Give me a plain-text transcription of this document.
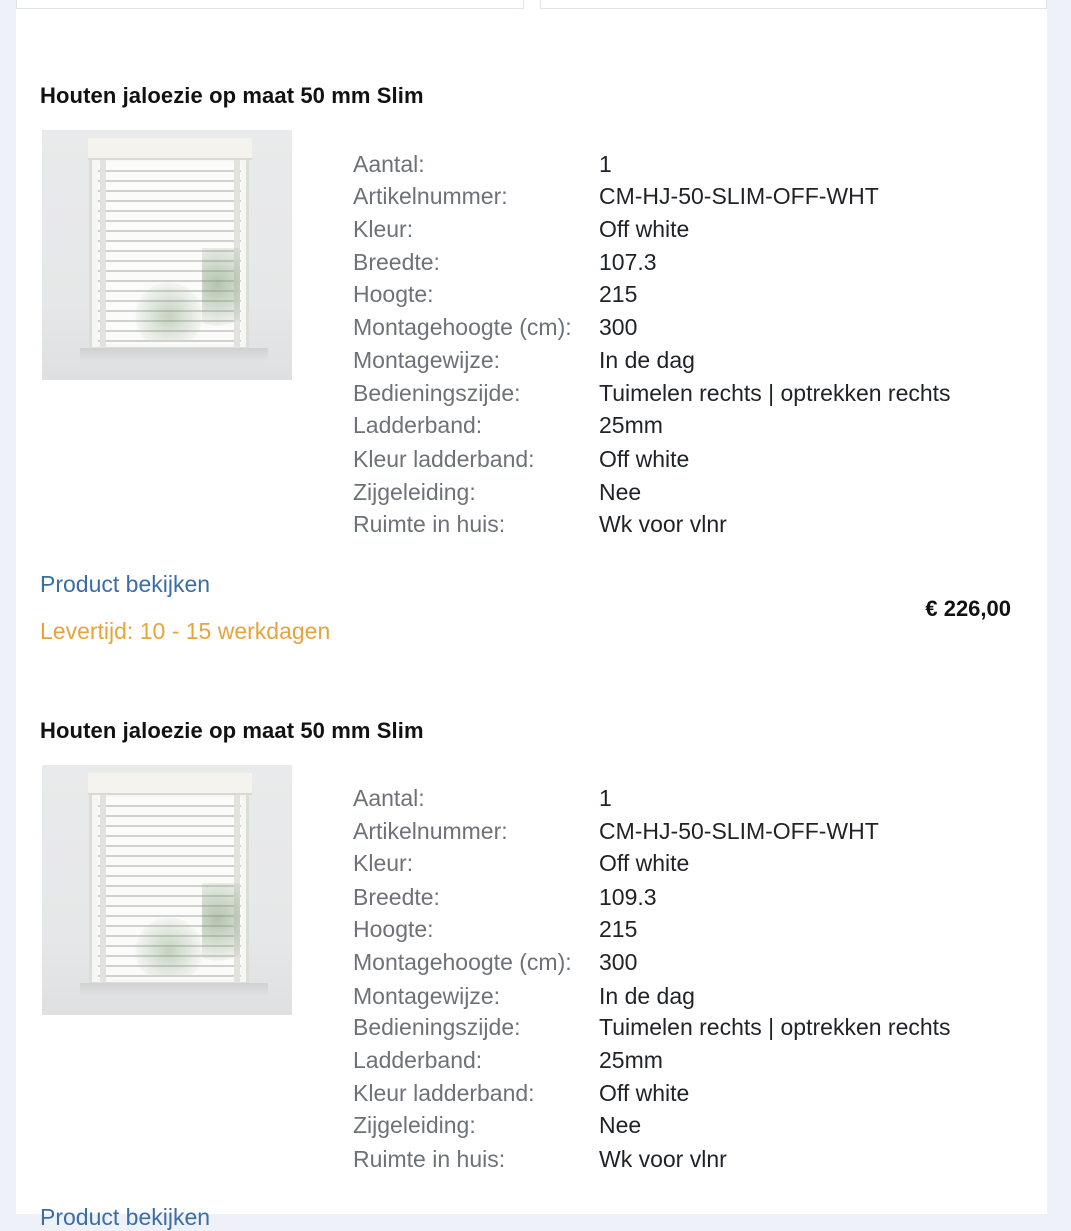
Houten jaloezie op maat 50 mm Slim
Aantal:	1
Artikelnummer:	CM-HJ-50-SLIM-OFF-WHT
Kleur:	Off white
Breedte:	107.3
Hoogte:	215
Montagehoogte (cm): 300
Montagewijze:	In de dag
Bedieningszijde:	Tuimelen rechts | optrekken rechts
Ladderband:	25mm
Kleur ladderband:	Off white
Zijgeleiding:	Nee
Ruimte in huis:	Wk voor vlnr
Product bekijken
Levertijd: 10 - 15 werkdagen
€ 226,00
Houten jaloezie op maat 50 mm Slim
Aantal:	1
Artikelnummer:	CM-HJ-50-SLIM-OFF-WHT
Kleur:	Off white
Breedte:	109.3
Hoogte:	215
Montagehoogte (cm): 300
Montagewijze:	In de dag
Bedieningszijde:	Tuimelen rechts | optrekken rechts
Ladderband:	25mm
Kleur ladderband:	Off white
Zijgeleiding:	Nee
Ruimte in huis:	Wk voor vlnr
Product bekijken
